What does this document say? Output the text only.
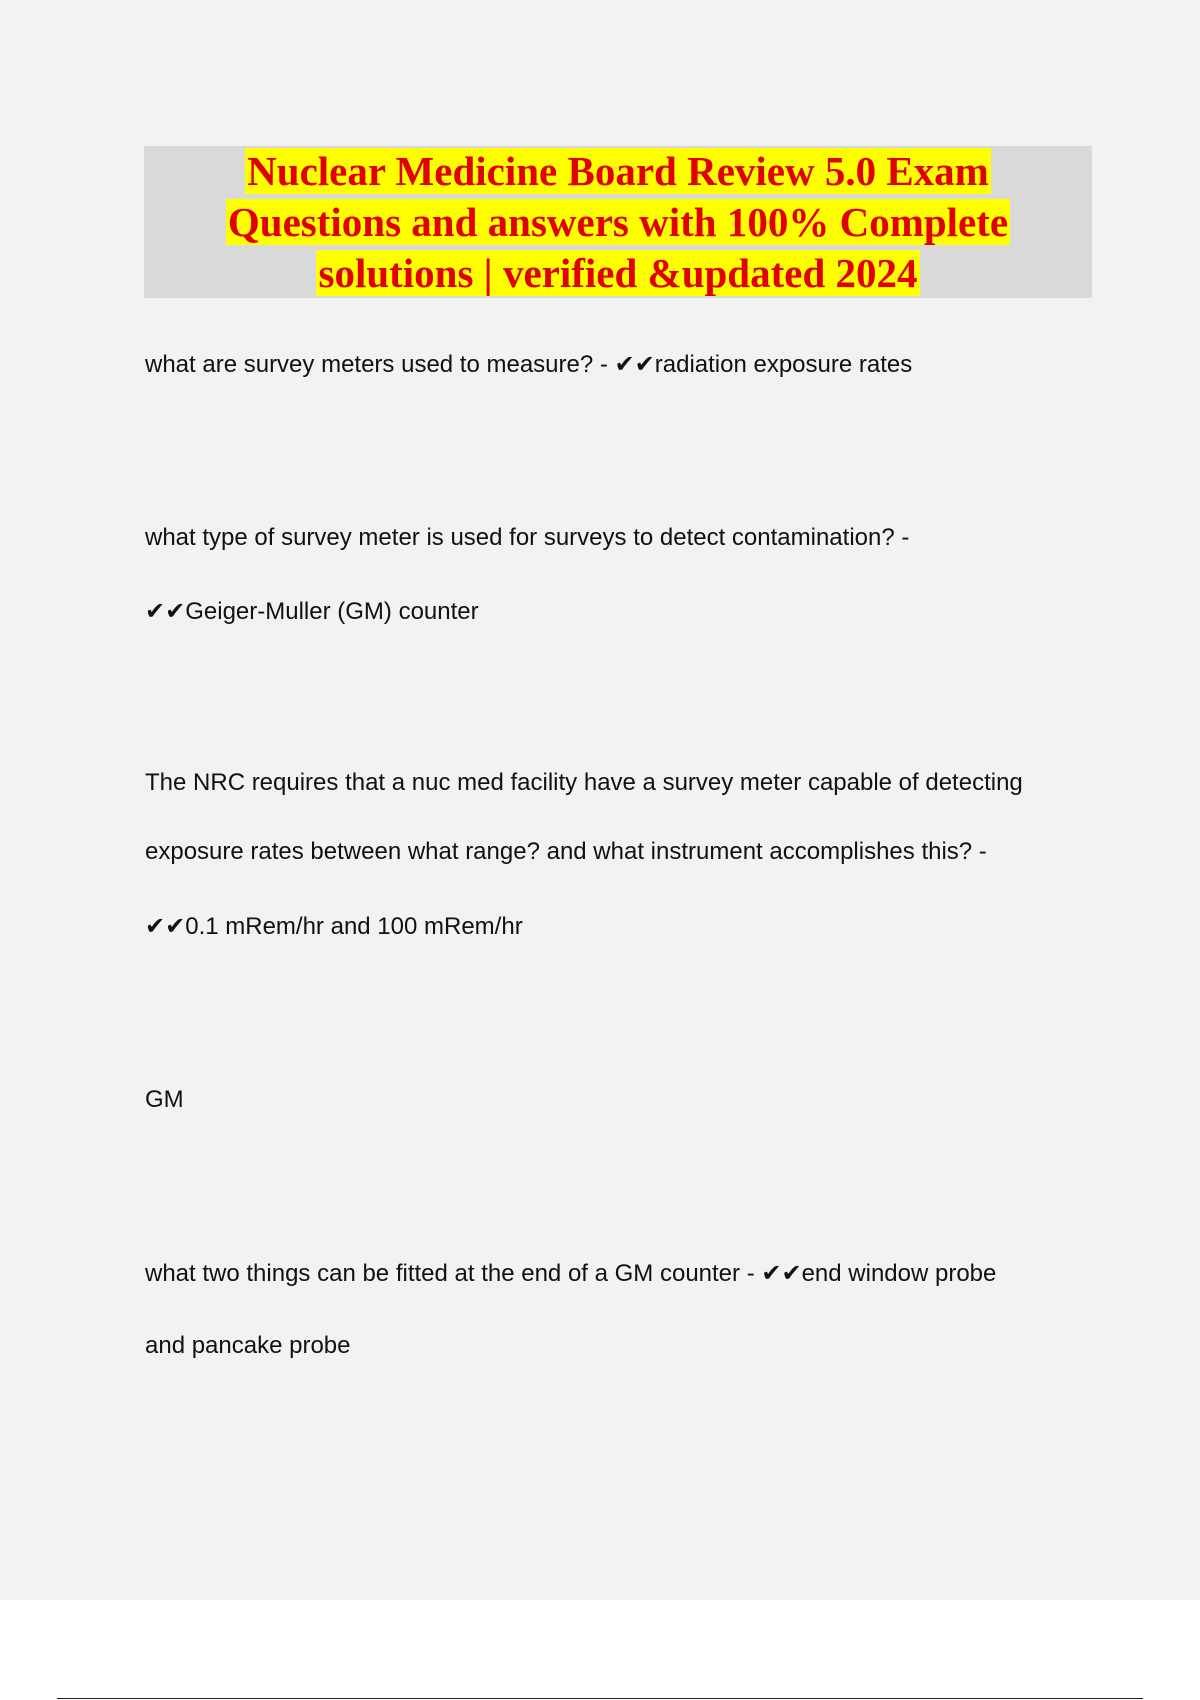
Nuclear Medicine Board Review 5.0 Exam
Questions and answers with 100% Complete
solutions | verified &updated 2024

what are survey meters used to measure? - ✔✔radiation exposure rates

what type of survey meter is used for surveys to detect contamination? -

✔✔Geiger-Muller (GM) counter

The NRC requires that a nuc med facility have a survey meter capable of detecting

exposure rates between what range? and what instrument accomplishes this? -

✔✔0.1 mRem/hr and 100 mRem/hr

GM

what two things can be fitted at the end of a GM counter - ✔✔end window probe

and pancake probe
